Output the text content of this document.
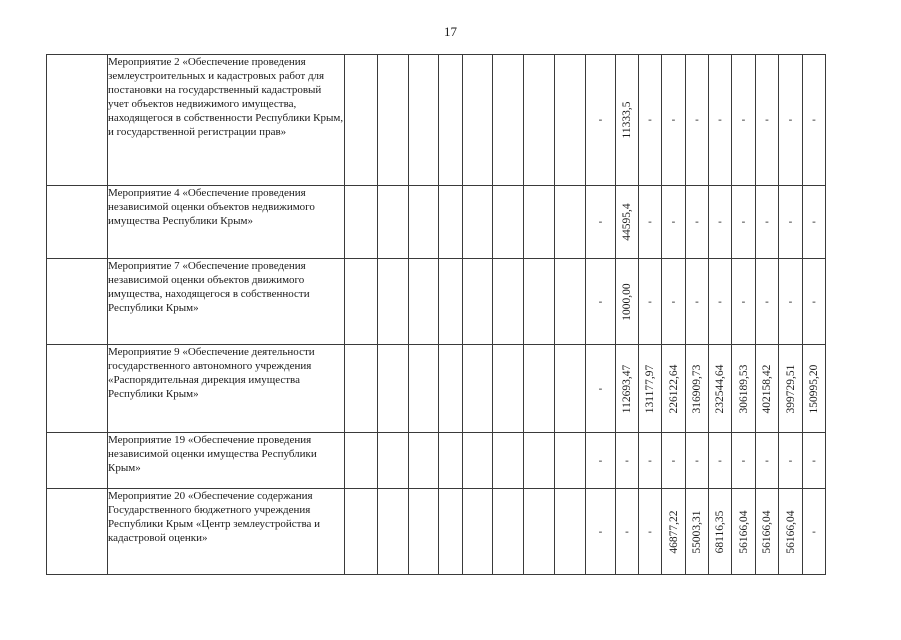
17
	Мероприятие 2 «Обеспечение проведения землеустроительных и кадастровых работ для постановки на государственный кадастровый учет объектов недвижимого имущества, находящегося в собственности Республики Крым, и государственной регистрации прав»									-	11333,5	-	-	-	-	-	-	-	-

	Мероприятие 4 «Обеспечение проведения независимой оценки объектов недвижимого имущества Республики Крым»									-	44595,4	-	-	-	-	-	-	-	-

	Мероприятие 7 «Обеспечение проведения независимой оценки объектов движимого имущества, находящегося в собственности Республики Крым»									-	1000,00	-	-	-	-	-	-	-	-

	Мероприятие 9 «Обеспечение деятельности государственного автономного учреждения «Распорядительная дирекция имущества Республики Крым»									-	112693,47	131177,97	226122,64	316909,73	232544,64	306189,53	402158,42	399729,51	150995,20

	Мероприятие 19 «Обеспечение проведения независимой оценки имущества Республики Крым»									-	-	-	-	-	-	-	-	-	-

	Мероприятие 20 «Обеспечение содержания Государственного бюджетного учреждения Республики Крым «Центр землеустройства и кадастровой оценки»									-	-	-	46877,22	55003,31	68116,35	56166,04	56166,04	56166,04	-
